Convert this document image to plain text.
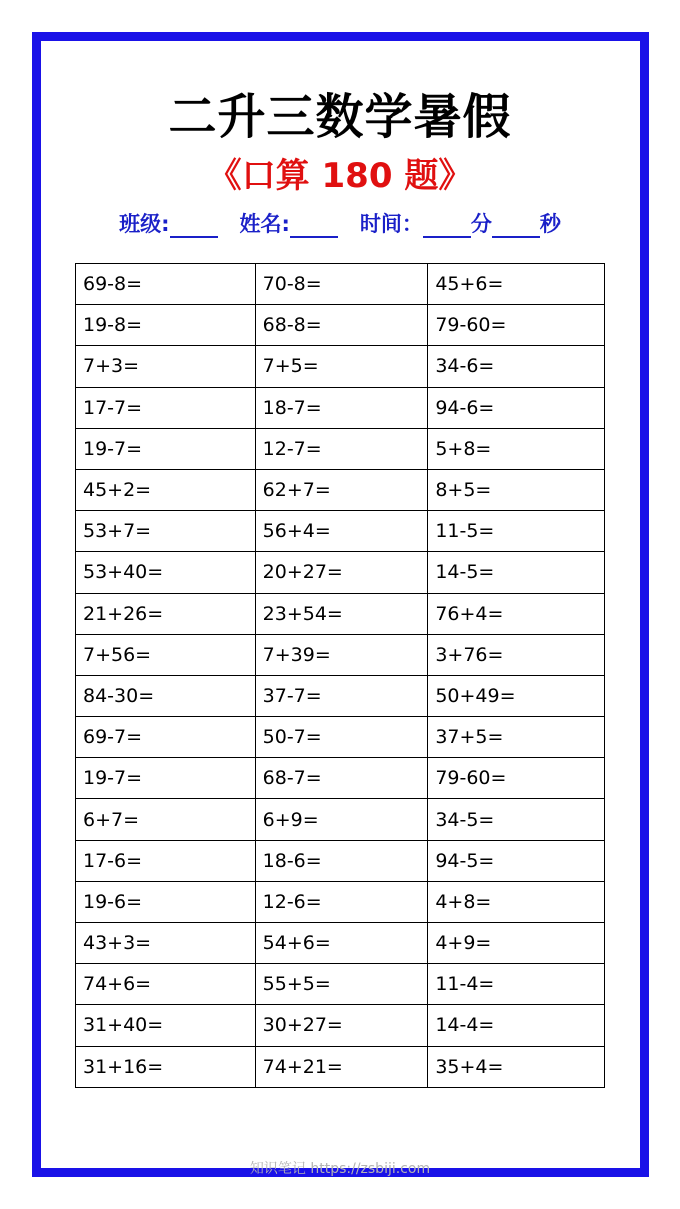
二升三数学暑假
《口算 180 题》
班级:	姓名:	时间： 分 秒
69-8=	70-8=	45+6=
19-8=	68-8=	79-60=
7+3=	7+5=	34-6=
17-7=	18-7=	94-6=
19-7=	12-7=	5+8=
45+2=	62+7=	8+5=
53+7=	56+4=	11-5=
53+40=	20+27=	14-5=
21+26=	23+54=	76+4=
7+56=	7+39=	3+76=
84-30=	37-7=	50+49=
69-7=	50-7=	37+5=
19-7=	68-7=	79-60=
6+7=	6+9=	34-5=
17-6=	18-6=	94-5=
19-6=	12-6=	4+8=
43+3=	54+6=	4+9=
74+6=	55+5=	11-4=
31+40=	30+27=	14-4=
31+16=	74+21=	35+4=
知识笔记 https://zsbiji.com
